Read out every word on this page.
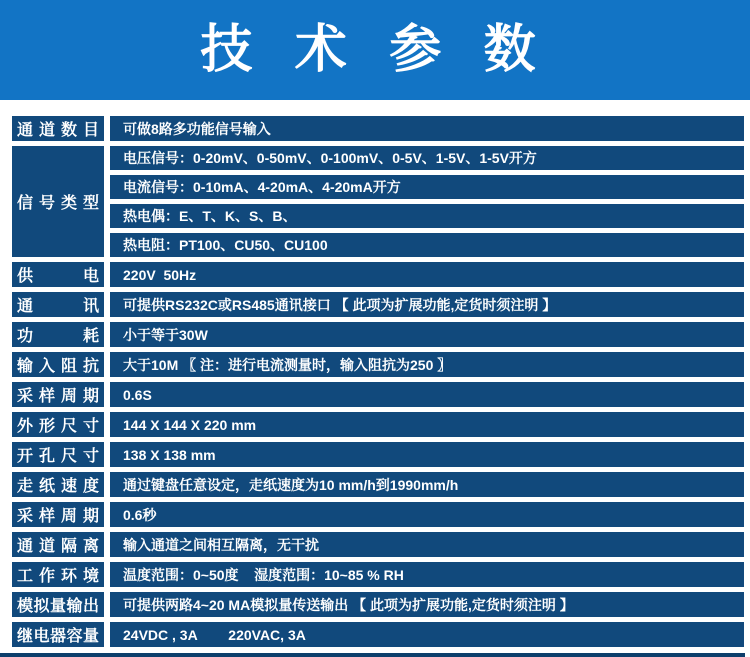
技 术 参 数
通道数目	可做8路多功能信号输入

信号类型	电压信号：0-20mV、0-50mV、0-100mV、0-5V、1-5V、1-5V开方

	电流信号：0-10mA、4-20mA、4-20mA开方

	热电偶：E、T、K、S、B、

	热电阻：PT100、CU50、CU100

供　电	220V  50Hz

通　讯	可提供RS232C或RS485通讯接口 【 此项为扩展功能,定货时须注明 】

功　耗	小于等于30W

输入阻抗	大于10M 〖 注：进行电流测量时，输入阻抗为250 〗

采样周期	0.6S

外形尺寸	144 X 144 X 220 mm

开孔尺寸	138 X 138 mm

走纸速度	通过键盘任意设定，走纸速度为10 mm/h到1990mm/h

采样周期	0.6秒

通道隔离	输入通道之间相互隔离，无干扰

工作环境	温度范围：0~50度    湿度范围：10~85 % RH

模拟量输出	可提供两路4~20 MA模拟量传送输出 【 此项为扩展功能,定货时须注明 】

继电器容量	24VDC , 3A        220VAC, 3A
